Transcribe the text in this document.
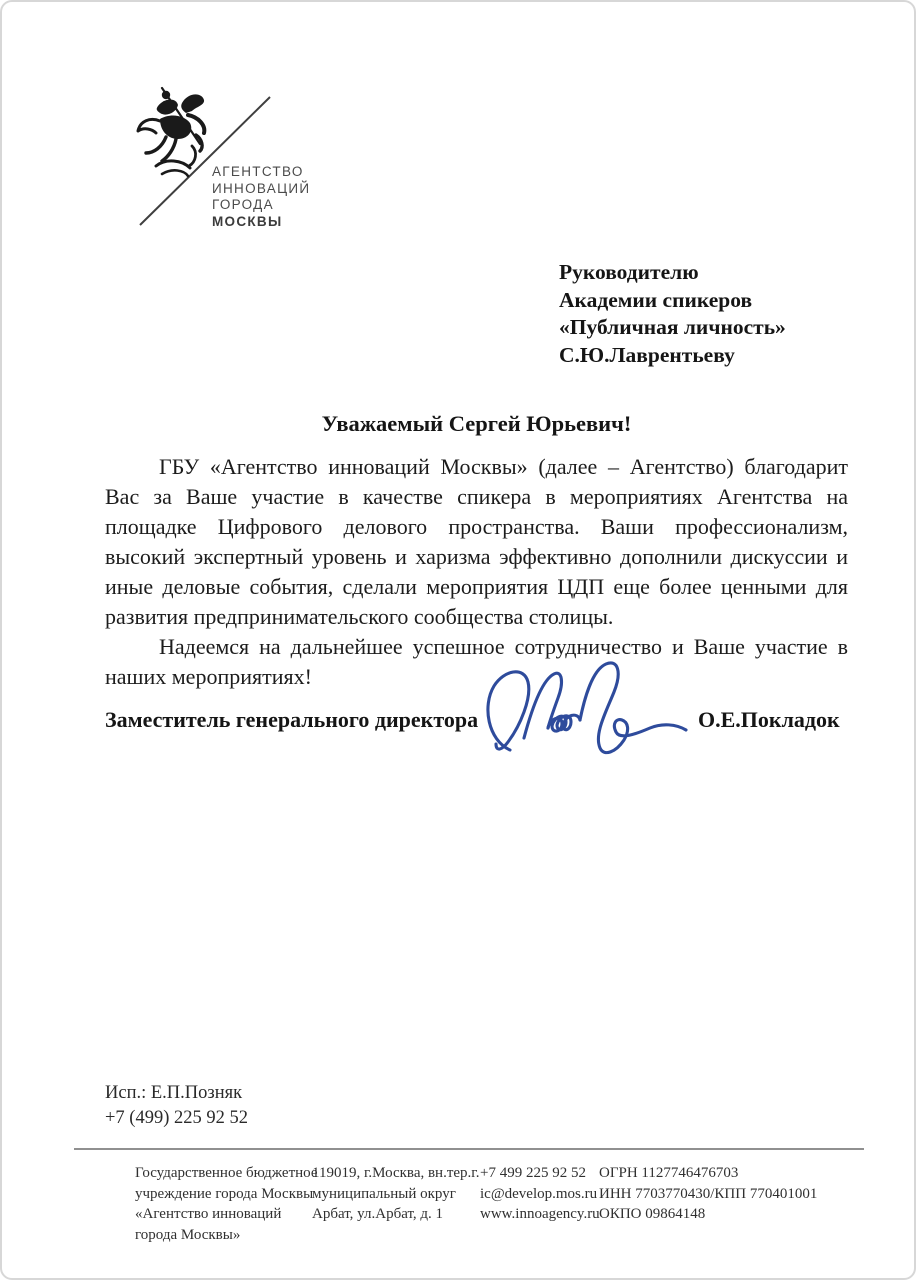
АГЕНТСТВО
ИННОВАЦИЙ
ГОРОДА
МОСКВЫ
Руководителю
Академии спикеров
«Публичная личность»
С.Ю.Лаврентьеву
Уважаемый Сергей Юрьевич!

ГБУ «Агентство инноваций Москвы» (далее – Агентство) благодарит Вас за Ваше участие в качестве спикера в мероприятиях Агентства на площадке Цифрового делового пространства. Ваши профессионализм, высокий экспертный уровень и харизма эффективно дополнили дискуссии и иные деловые события, сделали мероприятия ЦДП еще более ценными для развития предпринимательского сообщества столицы.

Надеемся на дальнейшее успешное сотрудничество и Ваше участие в наших мероприятиях!

Заместитель генерального директора	О.Е.Покладок
Исп.: Е.П.Позняк
+7 (499) 225 92 52
Государственное бюджетное
учреждение города Москвы
«Агентство инноваций
города Москвы»
119019, г.Москва, вн.тер.г.
муниципальный округ
Арбат, ул.Арбат, д. 1
+7 499 225 92 52
ic@develop.mos.ru
www.innoagency.ru
ОГРН 1127746476703
ИНН 7703770430/КПП 770401001
ОКПО 09864148
